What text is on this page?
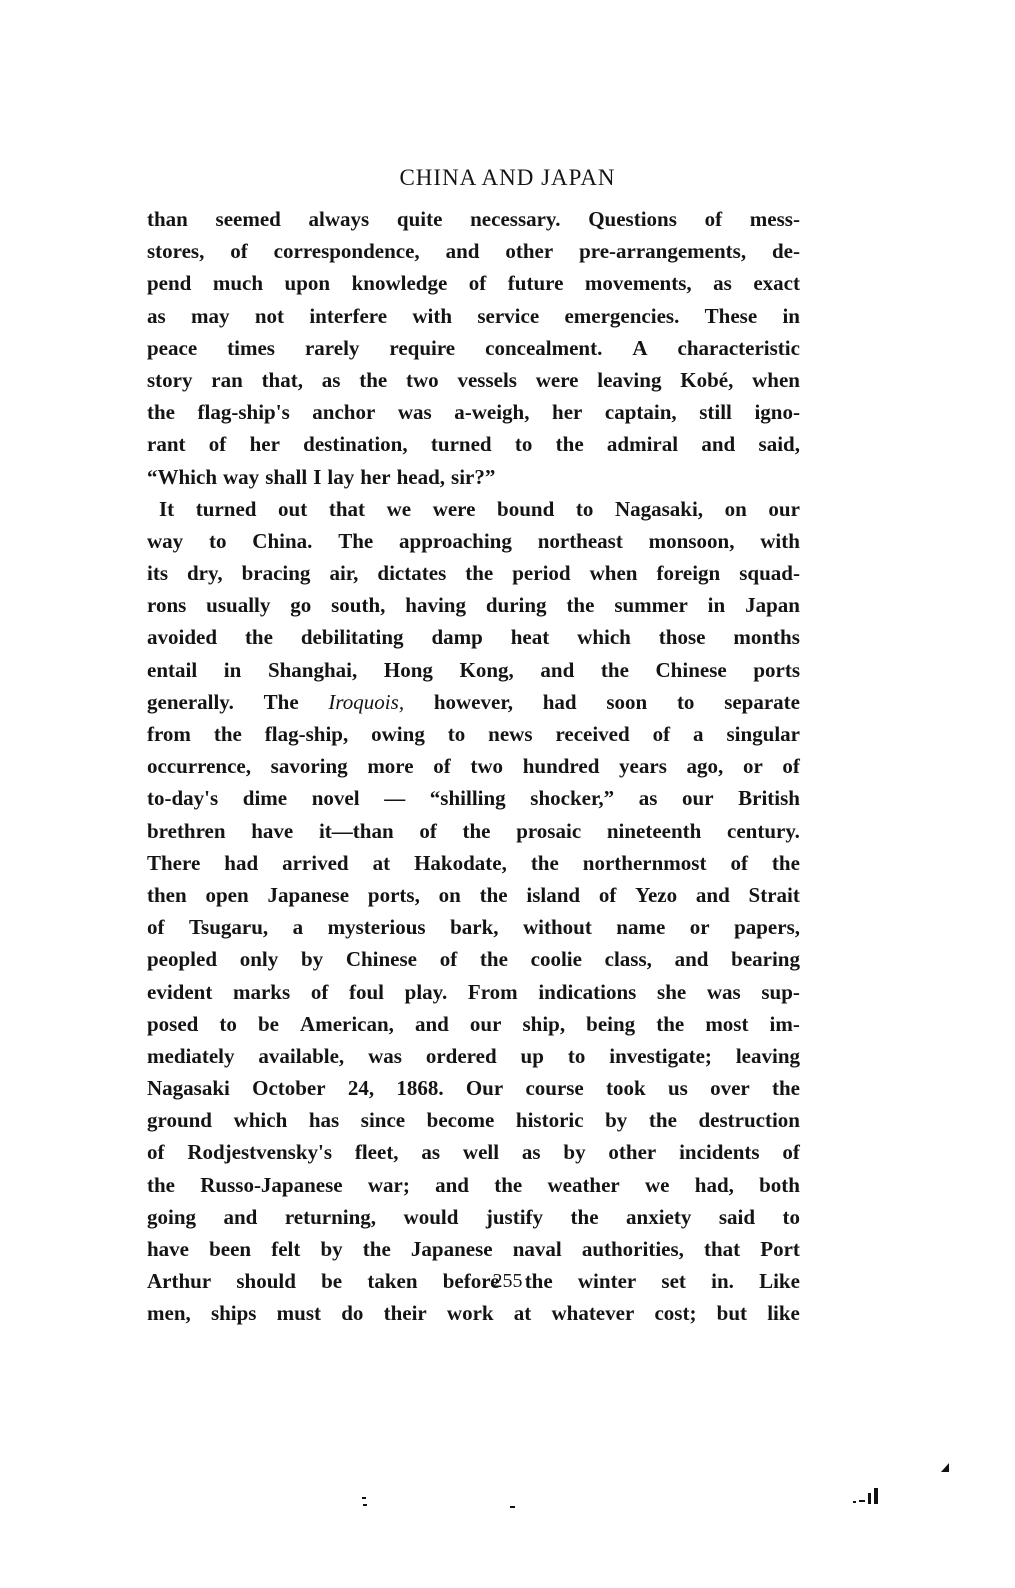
CHINA AND JAPAN
than seemed always quite necessary. Questions of mess-
stores, of correspondence, and other pre-arrangements, de-
pend much upon knowledge of future movements, as exact
as may not interfere with service emergencies. These in
peace times rarely require concealment. A characteristic
story ran that, as the two vessels were leaving Kobé, when
the flag-ship's anchor was a-weigh, her captain, still igno-
rant of her destination, turned to the admiral and said,
“Which way shall I lay her head, sir?”
It turned out that we were bound to Nagasaki, on our
way to China. The approaching northeast monsoon, with
its dry, bracing air, dictates the period when foreign squad-
rons usually go south, having during the summer in Japan
avoided the debilitating damp heat which those months
entail in Shanghai, Hong Kong, and the Chinese ports
generally. The Iroquois, however, had soon to separate
from the flag-ship, owing to news received of a singular
occurrence, savoring more of two hundred years ago, or of
to-day's dime novel — “shilling shocker,” as our British
brethren have it—than of the prosaic nineteenth century.
There had arrived at Hakodate, the northernmost of the
then open Japanese ports, on the island of Yezo and Strait
of Tsugaru, a mysterious bark, without name or papers,
peopled only by Chinese of the coolie class, and bearing
evident marks of foul play. From indications she was sup-
posed to be American, and our ship, being the most im-
mediately available, was ordered up to investigate; leaving
Nagasaki October 24, 1868. Our course took us over the
ground which has since become historic by the destruction
of Rodjestvensky's fleet, as well as by other incidents of
the Russo-Japanese war; and the weather we had, both
going and returning, would justify the anxiety said to
have been felt by the Japanese naval authorities, that Port
Arthur should be taken before the winter set in. Like
men, ships must do their work at whatever cost; but like
255
